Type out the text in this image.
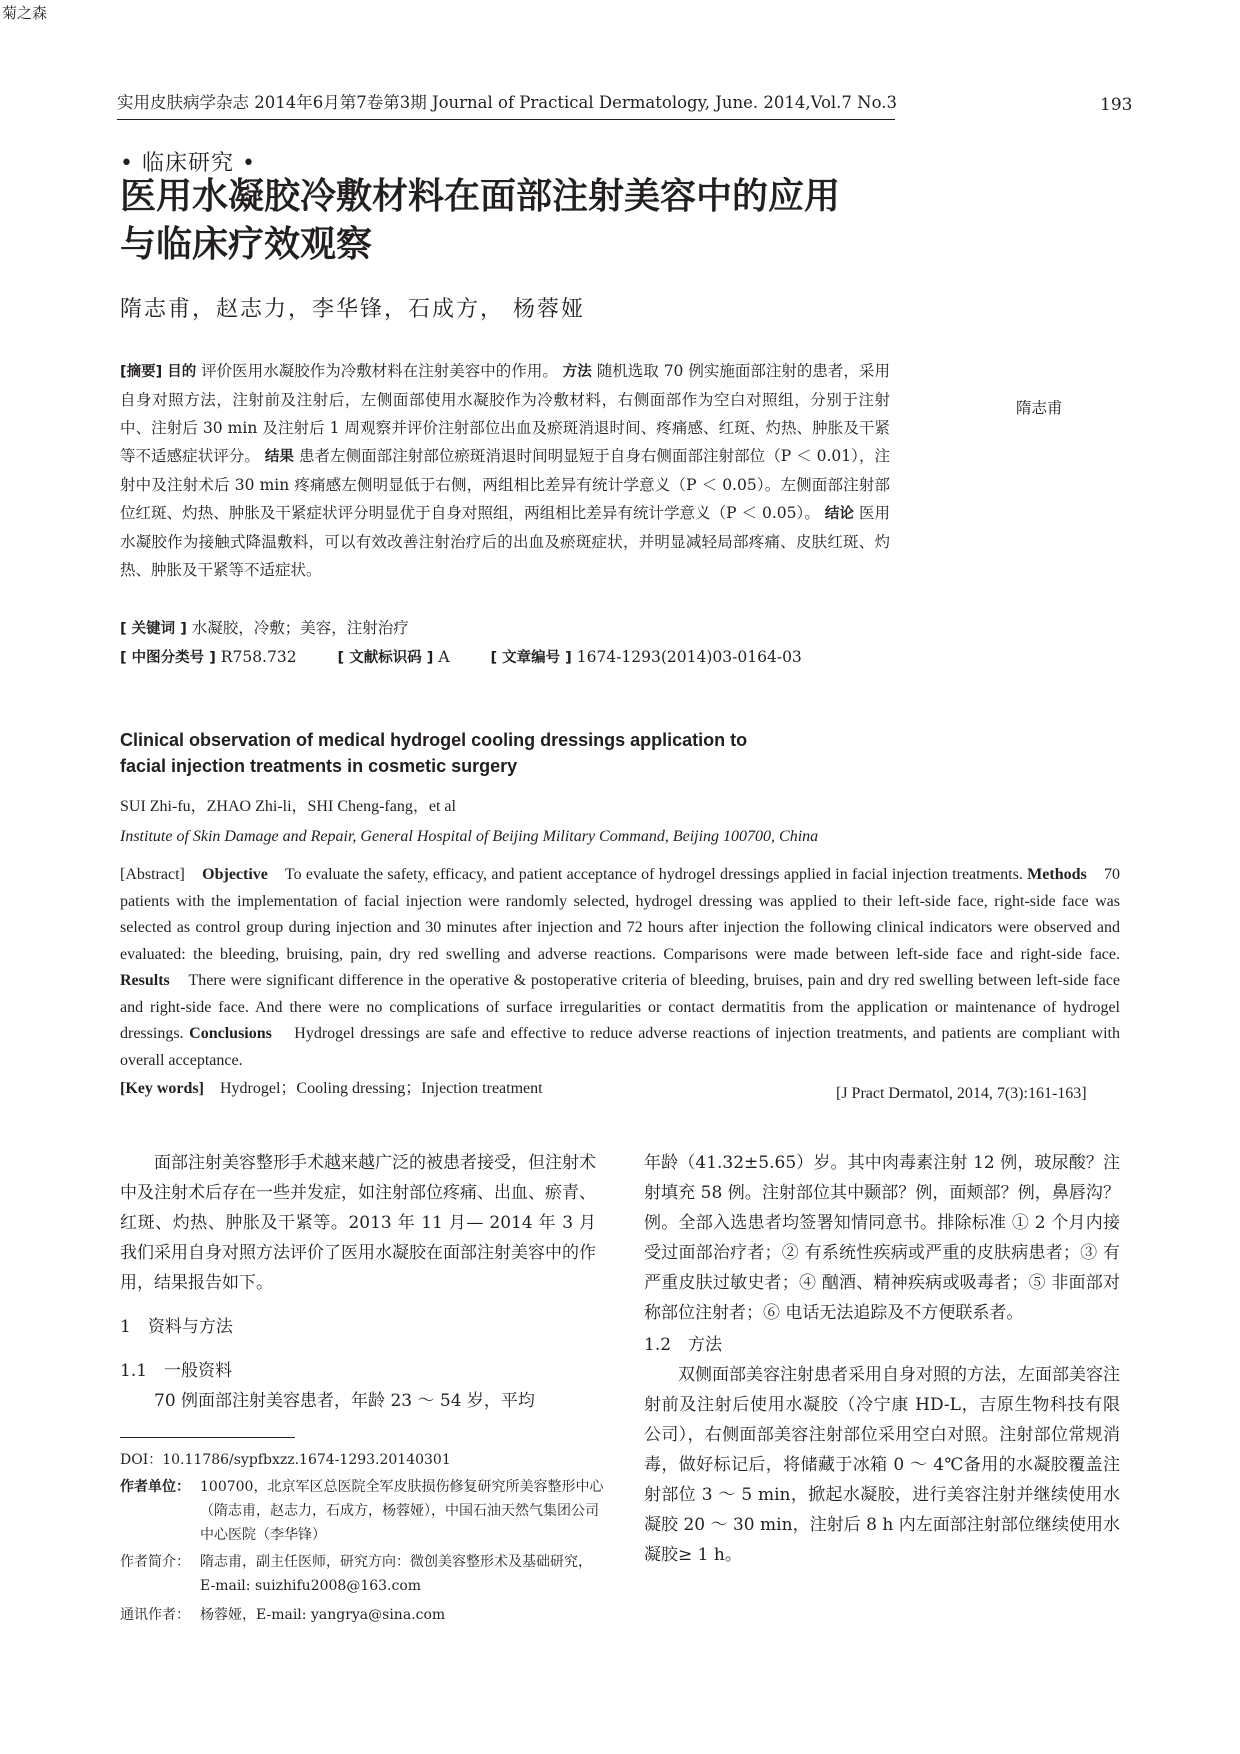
菊之森
实用皮肤病学杂志 2014年6月第7卷第3期 Journal of Practical Dermatology, June. 2014,Vol.7 No.3	193
• 临床研究 •
医用水凝胶冷敷材料在面部注射美容中的应用
与临床疗效观察
隋志甫，赵志力，李华锋，石成方， 杨蓉娅
隋志甫

[摘要] 目的 评价医用水凝胶作为冷敷材料在注射美容中的作用。 方法 随机选取 70 例实施面部注射的患者，采用自身对照方法，注射前及注射后，左侧面部使用水凝胶作为冷敷材料，右侧面部作为空白对照组，分别于注射中、注射后 30 min 及注射后 1 周观察并评价注射部位出血及瘀斑消退时间、疼痛感、红斑、灼热、肿胀及干紧等不适感症状评分。 结果 患者左侧面部注射部位瘀斑消退时间明显短于自身右侧面部注射部位（P ＜ 0.01），注射中及注射术后 30 min 疼痛感左侧明显低于右侧，两组相比差异有统计学意义（P ＜ 0.05）。左侧面部注射部位红斑、灼热、肿胀及干紧症状评分明显优于自身对照组，两组相比差异有统计学意义（P ＜ 0.05）。 结论 医用水凝胶作为接触式降温敷料，可以有效改善注射治疗后的出血及瘀斑症状，并明显减轻局部疼痛、皮肤红斑、灼热、肿胀及干紧等不适症状。

[ 关键词 ] 水凝胶，冷敷；美容，注射治疗
[ 中图分类号 ] R758.732	[ 文献标识码 ] A	[ 文章编号 ] 1674-1293(2014)03-0164-03
Clinical observation of medical hydrogel cooling dressings application to
facial injection treatments in cosmetic surgery
SUI Zhi-fu，ZHAO Zhi-li，SHI Cheng-fang，et al
Institute of Skin Damage and Repair, General Hospital of Beijing Military Command, Beijing 100700, China

[Abstract] Objective To evaluate the safety, efficacy, and patient acceptance of hydrogel dressings applied in facial injection treatments. Methods 70 patients with the implementation of facial injection were randomly selected, hydrogel dressing was applied to their left-side face, right-side face was selected as control group during injection and 30 minutes after injection and 72 hours after injection the following clinical indicators were observed and evaluated: the bleeding, bruising, pain, dry red swelling and adverse reactions. Comparisons were made between left-side face and right-side face. Results There were significant difference in the operative & postoperative criteria of bleeding, bruises, pain and dry red swelling between left-side face and right-side face. And there were no complications of surface irregularities or contact dermatitis from the application or maintenance of hydrogel dressings. Conclusions Hydrogel dressings are safe and effective to reduce adverse reactions of injection treatments, and patients are compliant with overall acceptance.

[Key words] Hydrogel；Cooling dressing；Injection treatment	[J Pract Dermatol, 2014, 7(3):161-163]

面部注射美容整形手术越来越广泛的被患者接受，但注射术中及注射术后存在一些并发症，如注射部位疼痛、出血、瘀青、红斑、灼热、肿胀及干紧等。2013 年 11 月— 2014 年 3 月我们采用自身对照方法评价了医用水凝胶在面部注射美容中的作用，结果报告如下。

1　资料与方法

1.1　一般资料

70 例面部注射美容患者，年龄 23 ～ 54 岁，平均

DOI：10.11786/sypfbxzz.1674-1293.20140301
作者单位： 100700，北京军区总医院全军皮肤损伤修复研究所美容整形中心（隋志甫，赵志力，石成方，杨蓉娅），中国石油天然气集团公司中心医院（李华锋）
作者简介： 隋志甫，副主任医师，研究方向：微创美容整形术及基础研究，E-mail: suizhifu2008@163.com
通讯作者： 杨蓉娅，E-mail: yangrya@sina.com

年龄（41.32±5.65）岁。其中肉毒素注射 12 例，玻尿酸？注射填充 58 例。注射部位其中颞部？例，面颊部？例，鼻唇沟？例。全部入选患者均签署知情同意书。排除标准 ① 2 个月内接受过面部治疗者；② 有系统性疾病或严重的皮肤病患者；③ 有严重皮肤过敏史者；④ 酗酒、精神疾病或吸毒者；⑤ 非面部对称部位注射者；⑥ 电话无法追踪及不方便联系者。

1.2　方法

双侧面部美容注射患者采用自身对照的方法，左面部美容注射前及注射后使用水凝胶（冷宁康 HD-L，吉原生物科技有限公司），右侧面部美容注射部位采用空白对照。注射部位常规消毒，做好标记后，将储藏于冰箱 0 ～ 4℃备用的水凝胶覆盖注射部位 3 ～ 5 min，掀起水凝胶，进行美容注射并继续使用水凝胶 20 ～ 30 min，注射后 8 h 内左面部注射部位继续使用水凝胶≥ 1 h。
